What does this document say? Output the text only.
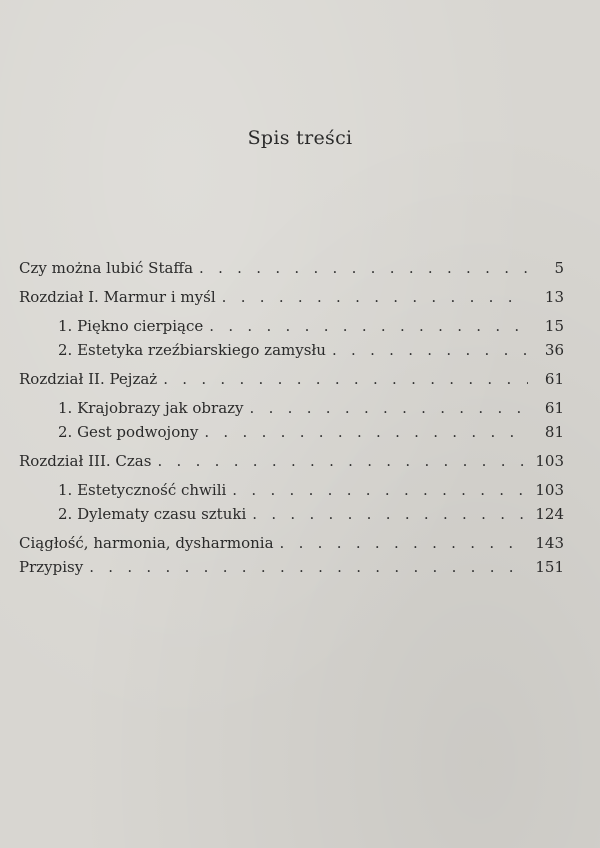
Spis treści
Czy można lubić Staffa . .	5
Rozdział I. Marmur i myśl . .	13
1. Piękno cierpiące . .	15
2. Estetyka rzeźbiarskiego zamysłu . .	36
Rozdział II. Pejzaż . .	61
1. Krajobrazy jak obrazy . .	61
2. Gest podwojony . .	81
Rozdział III. Czas . .	103
1. Estetyczność chwili . .	103
2. Dylematy czasu sztuki . .	124
Ciągłość, harmonia, dysharmonia . .	143
Przypisy . .	151
